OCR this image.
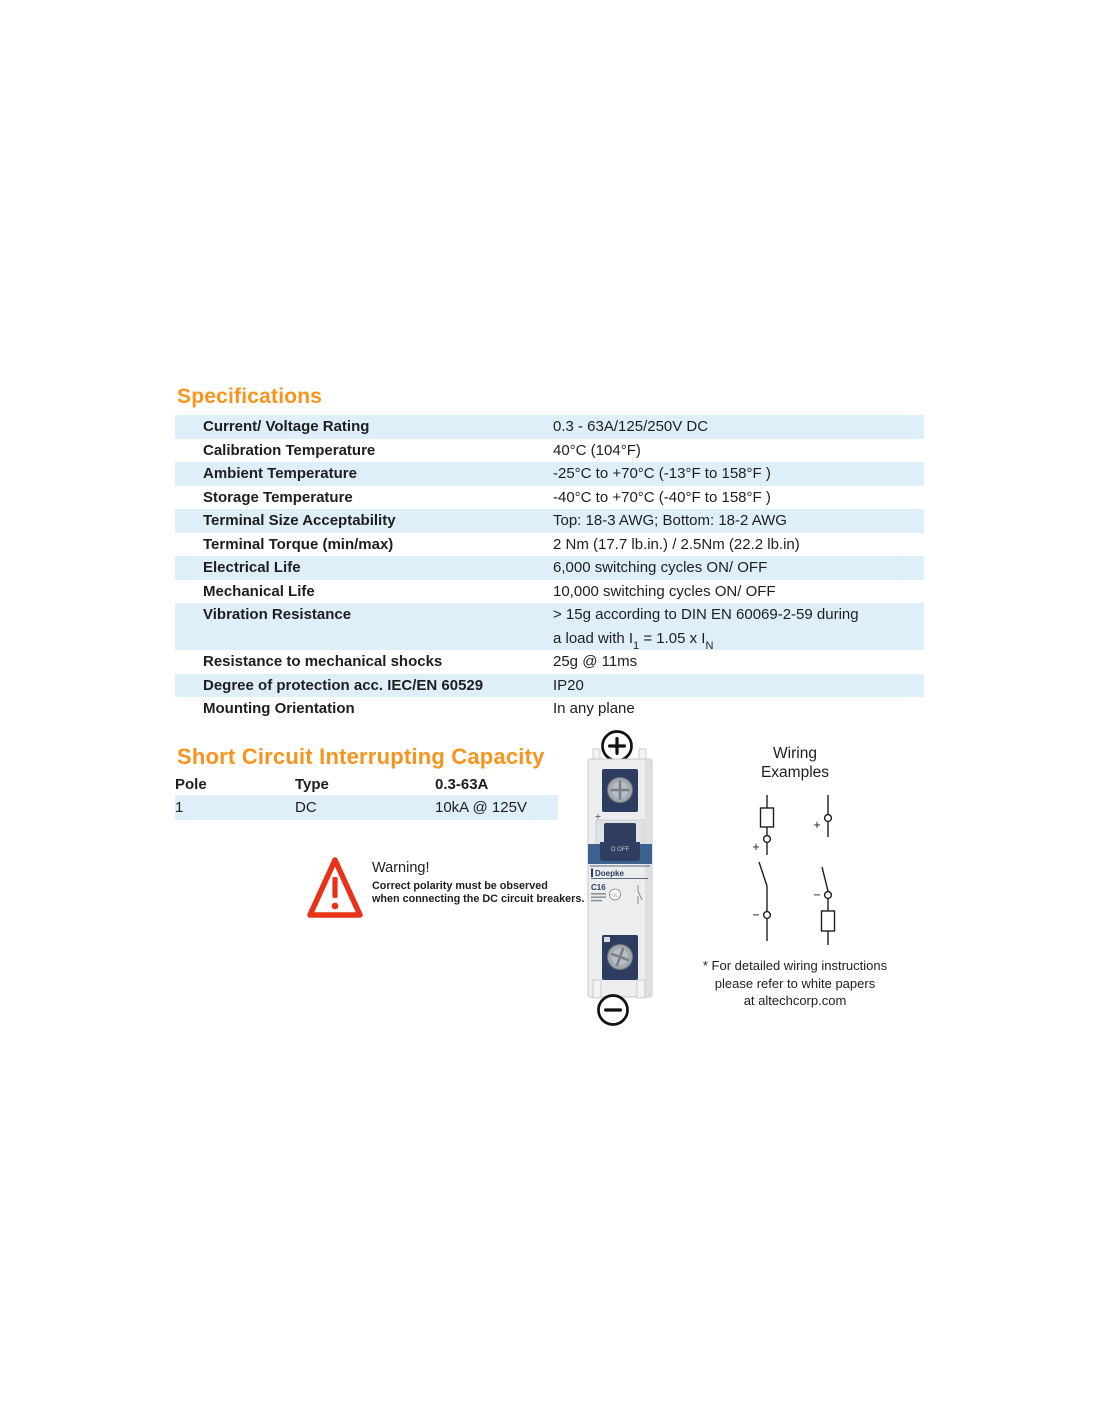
Specifications
Current/ Voltage Rating	0.3 - 63A/125/250V DC
Calibration Temperature	40°C (104°F)
Ambient Temperature	-25°C to +70°C (-13°F to 158°F )
Storage Temperature	-40°C to +70°C (-40°F to 158°F )
Terminal Size Acceptability	Top: 18-3 AWG; Bottom: 18-2 AWG
Terminal Torque (min/max)	2 Nm (17.7 lb.in.) / 2.5Nm (22.2 lb.in)
Electrical Life	6,000 switching cycles ON/ OFF
Mechanical Life	10,000 switching cycles ON/ OFF
Vibration Resistance	> 15g according to DIN EN 60069-2-59 during
a load with $I_1 = 1.05$ x $I_N$
Resistance to mechanical shocks	25g @ 11ms
Degree of protection acc. IEC/EN 60529	IP20
Mounting Orientation	In any plane
Short Circuit Interrupting Capacity
Pole	Type	0.3-63A
1	DC	10kA @ 125V
Warning!
Correct polarity must be observed
when connecting the DC circuit breakers.
O OFF
Doepke
C16
UL
Wiring
Examples
+
−
+
−
* For detailed wiring instructions
please refer to white papers
at altechcorp.com
